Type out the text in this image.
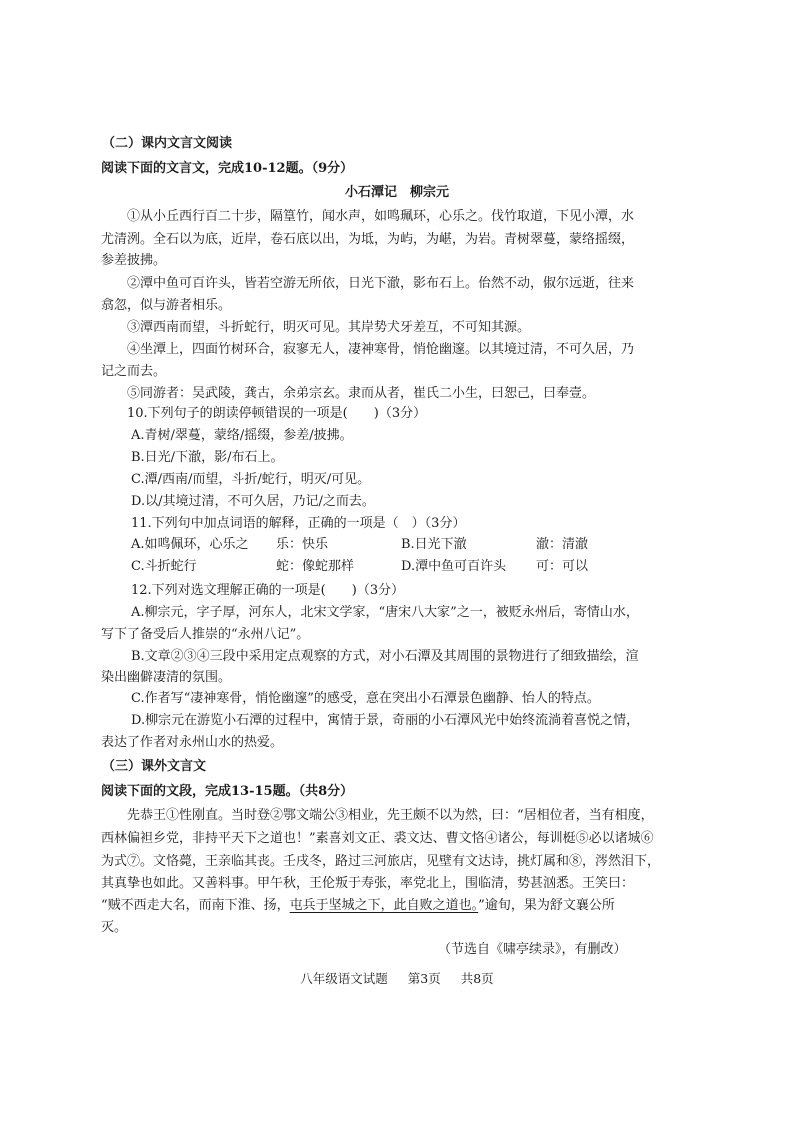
（二）课内文言文阅读
阅读下面的文言文，完成10-12题。（9分）
小石潭记　柳宗元
①从小丘西行百二十步，隔篁竹，闻水声，如鸣珮环，心乐之。伐竹取道，下见小潭，水
尤清洌。全石以为底，近岸，卷石底以出，为坻，为屿，为嵁，为岩。青树翠蔓，蒙络摇缀，
参差披拂。
②潭中鱼可百许头，皆若空游无所依，日光下澈，影布石上。佁然不动，俶尔远逝，往来
翕忽，似与游者相乐。
③潭西南而望，斗折蛇行，明灭可见。其岸势犬牙差互，不可知其源。
④坐潭上，四面竹树环合，寂寥无人，凄神寒骨，悄怆幽邃。以其境过清，不可久居，乃
记之而去。
⑤同游者：吴武陵，龚古，余弟宗玄。隶而从者，崔氏二小生，曰恕己，曰奉壹。
10.下列句子的朗读停顿错误的一项是(　　)（3分）
A.青树/翠蔓，蒙络/摇缀，参差/披拂。
B.日光/下澈，影/布石上。
C.潭/西南/而望，斗折/蛇行，明灭/可见。
D.以/其境过清，不可久居，乃记/之而去。
11.下列句中加点词语的解释，正确的一项是（　）（3分）
A.如鸣佩环，心乐之 乐：快乐	B.日光下澈	澈：清澈
C.斗折蛇行	蛇：像蛇那样	D.潭中鱼可百许头 可：可以
12.下列对选文理解正确的一项是(　　)（3分）
A.柳宗元，字子厚，河东人，北宋文学家，“唐宋八大家”之一，被贬永州后，寄情山水，
写下了备受后人推崇的“永州八记”。
B.文章②③④三段中采用定点观察的方式，对小石潭及其周围的景物进行了细致描绘，渲
染出幽僻凄清的氛围。
C.作者写“凄神寒骨，悄怆幽邃”的感受，意在突出小石潭景色幽静、怡人的特点。
D.柳宗元在游览小石潭的过程中，寓情于景，奇丽的小石潭风光中始终流淌着喜悦之情，
表达了作者对永州山水的热爱。
（三）课外文言文
阅读下面的文段，完成13-15题。（共8分）
先恭王①性刚直。当时登②鄂文端公③相业，先王颇不以为然，曰：“居相位者，当有相度，
西林偏袒乡党，非持平天下之道也！”素喜刘文正、裘文达、曹文恪④诸公，每训梃⑤必以诸城⑥
为式⑦。文恪薨，王亲临其丧。壬戌冬，路过三河旅店，见壁有文达诗，挑灯属和⑧，涔然泪下，
其真挚也如此。又善料事。甲午秋，王伦叛于寿张，率党北上，围临清，势甚汹悉。王笑曰：
“贼不西走大名，而南下淮、扬，屯兵于坚城之下，此自败之道也。”逾旬，果为舒文襄公所
灭。
（节选自《啸亭续录》，有删改）
八年级语文试题 第3页 共8页
